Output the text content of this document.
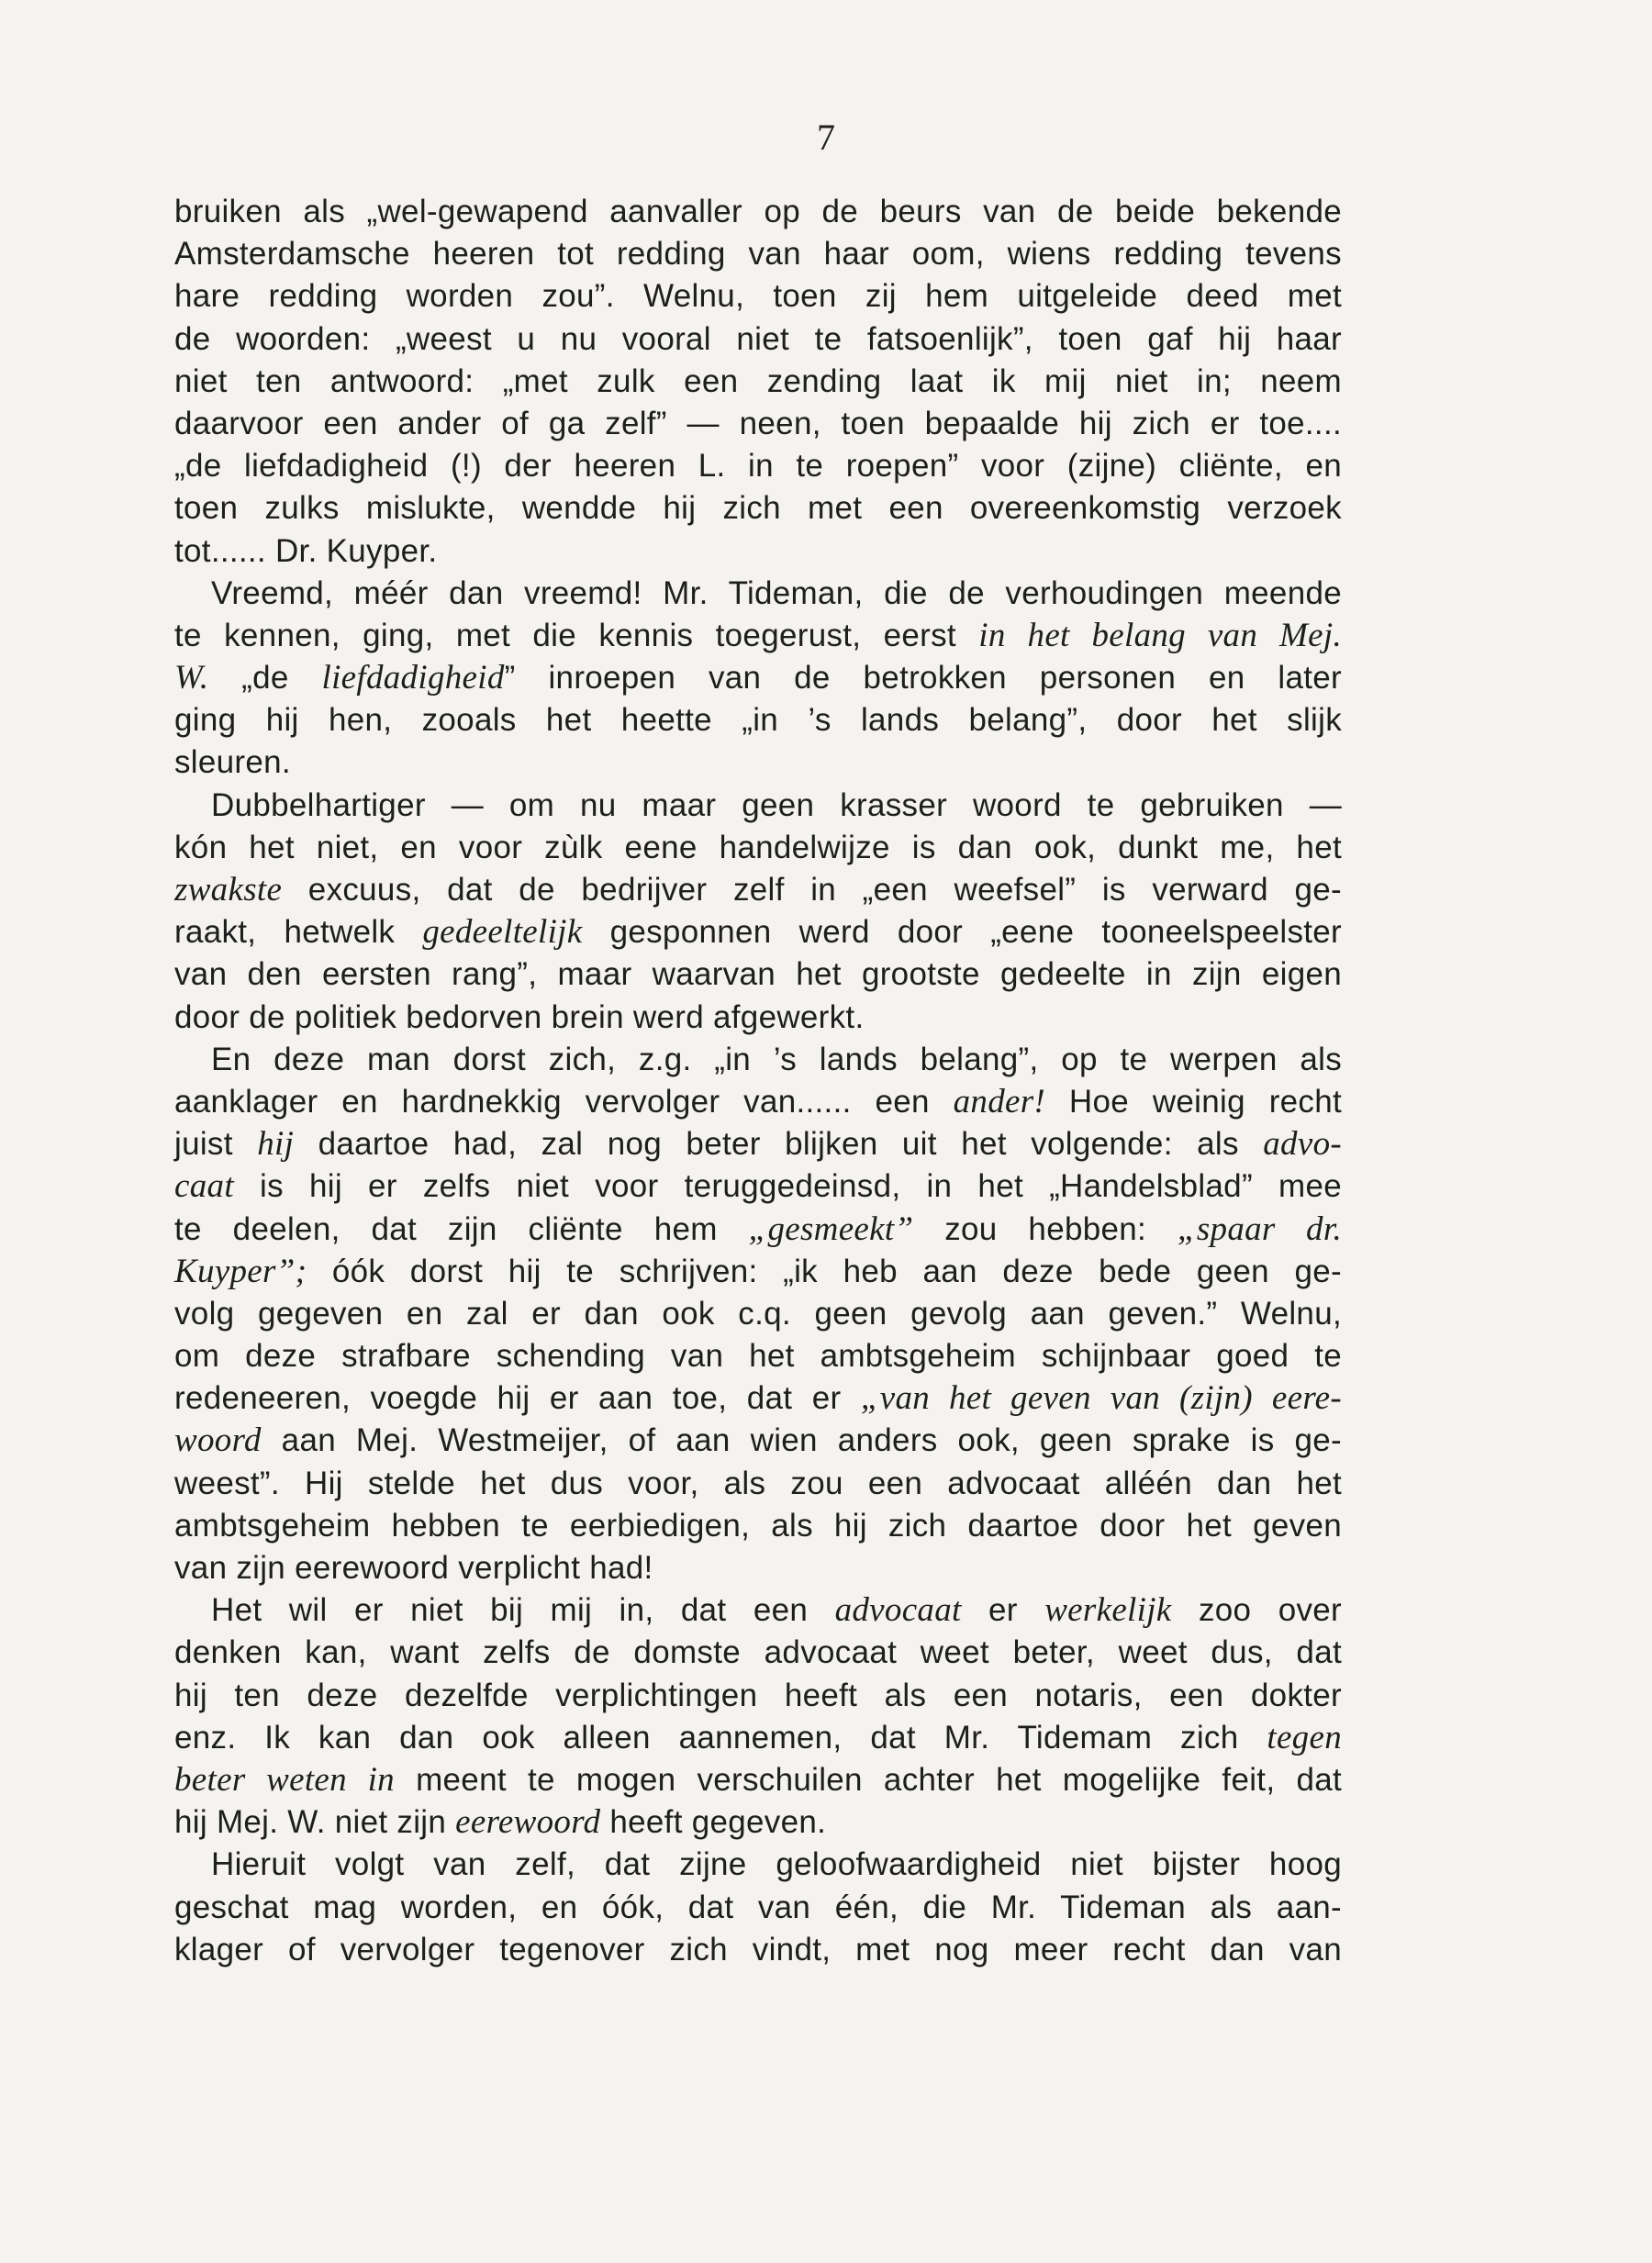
7
bruiken als „wel-gewapend aanvaller op de beurs van de beide bekende
Amsterdamsche heeren tot redding van haar oom, wiens redding tevens
hare redding worden zou”. Welnu, toen zij hem uitgeleide deed met
de woorden: „weest u nu vooral niet te fatsoenlijk”, toen gaf hij haar
niet ten antwoord: „met zulk een zending laat ik mij niet in; neem
daarvoor een ander of ga zelf” — neen, toen bepaalde hij zich er toe....
„de liefdadigheid (!) der heeren L. in te roepen” voor (zijne) cliënte, en
toen zulks mislukte, wendde hij zich met een overeenkomstig verzoek
tot...... Dr. Kuyper.
Vreemd, méér dan vreemd! Mr. Tideman, die de verhoudingen meende
te kennen, ging, met die kennis toegerust, eerst in het belang van Mej.
W. „de liefdadigheid” inroepen van de betrokken personen en later
ging hij hen, zooals het heette „in ’s lands belang”, door het slijk
sleuren.
Dubbelhartiger — om nu maar geen krasser woord te gebruiken —
kón het niet, en voor zùlk eene handelwijze is dan ook, dunkt me, het
zwakste excuus, dat de bedrijver zelf in „een weefsel” is verward ge-
raakt, hetwelk gedeeltelijk gesponnen werd door „eene tooneelspeelster
van den eersten rang”, maar waarvan het grootste gedeelte in zijn eigen
door de politiek bedorven brein werd afgewerkt.
En deze man dorst zich, z.g. „in ’s lands belang”, op te werpen als
aanklager en hardnekkig vervolger van...... een ander! Hoe weinig recht
juist hij daartoe had, zal nog beter blijken uit het volgende: als advo-
caat is hij er zelfs niet voor teruggedeinsd, in het „Handelsblad” mee
te deelen, dat zijn cliënte hem „gesmeekt” zou hebben: „spaar dr.
Kuyper”; óók dorst hij te schrijven: „ik heb aan deze bede geen ge-
volg gegeven en zal er dan ook c.q. geen gevolg aan geven.” Welnu,
om deze strafbare schending van het ambtsgeheim schijnbaar goed te
redeneeren, voegde hij er aan toe, dat er „van het geven van (zijn) eere-
woord aan Mej. Westmeijer, of aan wien anders ook, geen sprake is ge-
weest”. Hij stelde het dus voor, als zou een advocaat alléén dan het
ambtsgeheim hebben te eerbiedigen, als hij zich daartoe door het geven
van zijn eerewoord verplicht had!
Het wil er niet bij mij in, dat een advocaat er werkelijk zoo over
denken kan, want zelfs de domste advocaat weet beter, weet dus, dat
hij ten deze dezelfde verplichtingen heeft als een notaris, een dokter
enz. Ik kan dan ook alleen aannemen, dat Mr. Tidemam zich tegen
beter weten in meent te mogen verschuilen achter het mogelijke feit, dat
hij Mej. W. niet zijn eerewoord heeft gegeven.
Hieruit volgt van zelf, dat zijne geloofwaardigheid niet bijster hoog
geschat mag worden, en óók, dat van één, die Mr. Tideman als aan-
klager of vervolger tegenover zich vindt, met nog meer recht dan van
